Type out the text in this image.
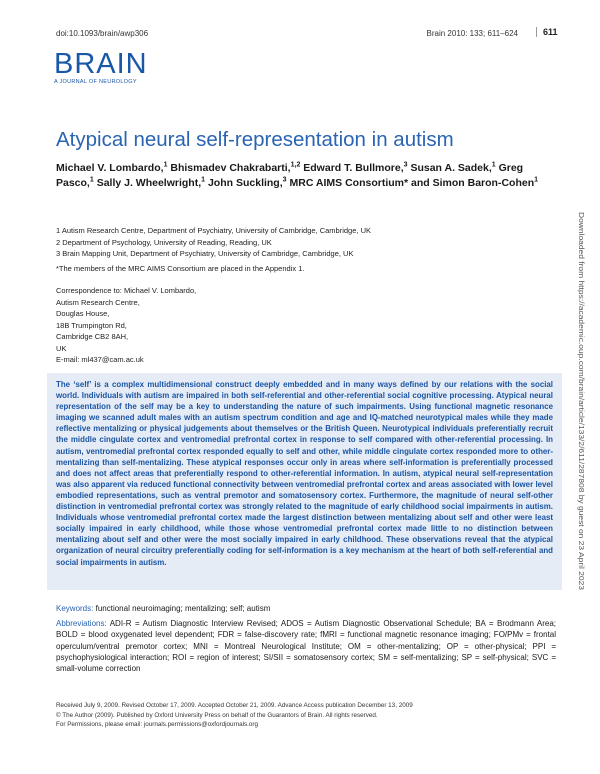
doi:10.1093/brain/awp306	Brain 2010: 133; 611–624	611
BRAIN
A JOURNAL OF NEUROLOGY
Atypical neural self-representation in autism
Michael V. Lombardo,$^1$ Bhismadev Chakrabarti,$^{1,2}$ Edward T. Bullmore,$^3$ Susan A. Sadek,$^1$ Greg Pasco,$^1$ Sally J. Wheelwright,$^1$ John Suckling,$^3$ MRC AIMS Consortium* and Simon Baron-Cohen$^1$
1 Autism Research Centre, Department of Psychiatry, University of Cambridge, Cambridge, UK
2 Department of Psychology, University of Reading, Reading, UK
3 Brain Mapping Unit, Department of Psychiatry, University of Cambridge, Cambridge, UK
*The members of the MRC AIMS Consortium are placed in the Appendix 1.
Correspondence to: Michael V. Lombardo,
Autism Research Centre,
Douglas House,
18B Trumpington Rd,
Cambridge CB2 8AH,
UK
E-mail: ml437@cam.ac.uk
The ‘self’ is a complex multidimensional construct deeply embedded and in many ways defined by our relations with the social world. Individuals with autism are impaired in both self-referential and other-referential social cognitive processing. Atypical neural representation of the self may be a key to understanding the nature of such impairments. Using functional magnetic resonance imaging we scanned adult males with an autism spectrum condition and age and IQ-matched neurotypical males while they made reflective mentalizing or physical judgements about themselves or the British Queen. Neurotypical individuals preferentially recruit the middle cingulate cortex and ventromedial prefrontal cortex in response to self compared with other-referential processing. In autism, ventromedial prefrontal cortex responded equally to self and other, while middle cingulate cortex responded more to other-mentalizing than self-mentalizing. These atypical responses occur only in areas where self-information is preferentially processed and does not affect areas that preferentially respond to other-referential information. In autism, atypical neural self-representation was also apparent via reduced functional connectivity between ventromedial prefrontal cortex and areas associated with lower level embodied representations, such as ventral premotor and somatosensory cortex. Furthermore, the magnitude of neural self-other distinction in ventromedial prefrontal cortex was strongly related to the magnitude of early childhood social impairments in autism. Individuals whose ventromedial prefrontal cortex made the largest distinction between mentalizing about self and other were least socially impaired in early childhood, while those whose ventromedial prefrontal cortex made little to no distinction between mentalizing about self and other were the most socially impaired in early childhood. These observations reveal that the atypical organization of neural circuitry preferentially coding for self-information is a key mechanism at the heart of both self-referential and social impairments in autism.
Keywords: functional neuroimaging; mentalizing; self; autism
Abbreviations: ADI-R = Autism Diagnostic Interview Revised; ADOS = Autism Diagnostic Observational Schedule; BA = Brodmann Area; BOLD = blood oxygenated level dependent; FDR = false-discovery rate; fMRI = functional magnetic resonance imaging; FO/PMv = frontal operculum/ventral premotor cortex; MNI = Montreal Neurological Institute; OM = other-mentalizing; OP = other-physical; PPI = psychophysiological interaction; ROI = region of interest; SI/SII = somatosensory cortex; SM = self-mentalizing; SP = self-physical; SVC = small-volume correction
Received July 9, 2009. Revised October 17, 2009. Accepted October 21, 2009. Advance Access publication December 13, 2009
© The Author (2009). Published by Oxford University Press on behalf of the Guarantors of Brain. All rights reserved.
For Permissions, please email: journals.permissions@oxfordjournals.org
Downloaded from https://academic.oup.com/brain/article/133/2/611/287808 by guest on 23 April 2023
